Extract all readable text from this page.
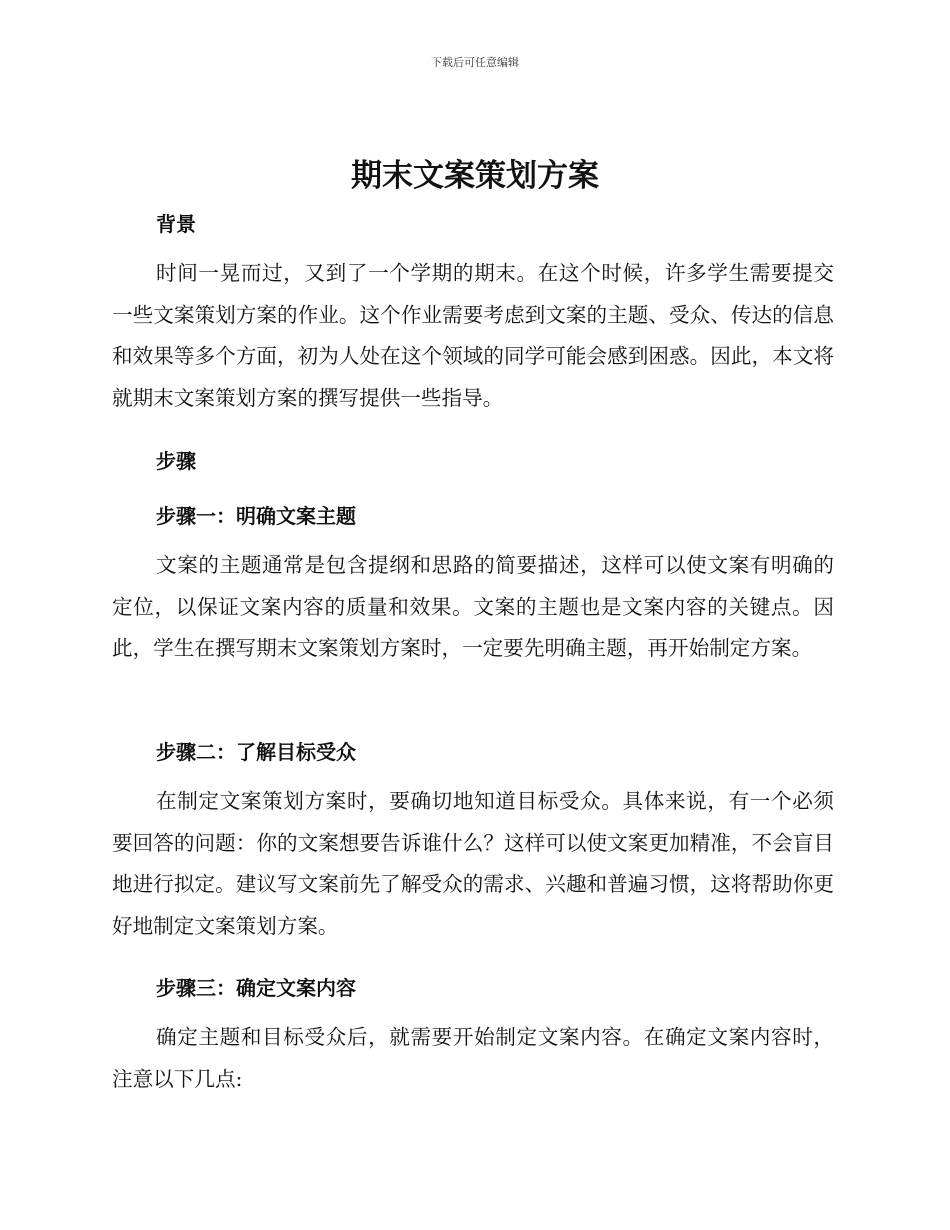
下载后可任意编辑
期末文案策划方案
背景

时间一晃而过，又到了一个学期的期末。在这个时候，许多学生需要提交一些文案策划方案的作业。这个作业需要考虑到文案的主题、受众、传达的信息和效果等多个方面，初为人处在这个领域的同学可能会感到困惑。因此，本文将就期末文案策划方案的撰写提供一些指导。

步骤
步骤一：明确文案主题

文案的主题通常是包含提纲和思路的简要描述，这样可以使文案有明确的定位，以保证文案内容的质量和效果。文案的主题也是文案内容的关键点。因此，学生在撰写期末文案策划方案时，一定要先明确主题，再开始制定方案。

步骤二：了解目标受众

在制定文案策划方案时，要确切地知道目标受众。具体来说，有一个必须要回答的问题：你的文案想要告诉谁什么？这样可以使文案更加精准，不会盲目地进行拟定。建议写文案前先了解受众的需求、兴趣和普遍习惯，这将帮助你更好地制定文案策划方案。

步骤三：确定文案内容

确定主题和目标受众后，就需要开始制定文案内容。在确定文案内容时，注意以下几点:
